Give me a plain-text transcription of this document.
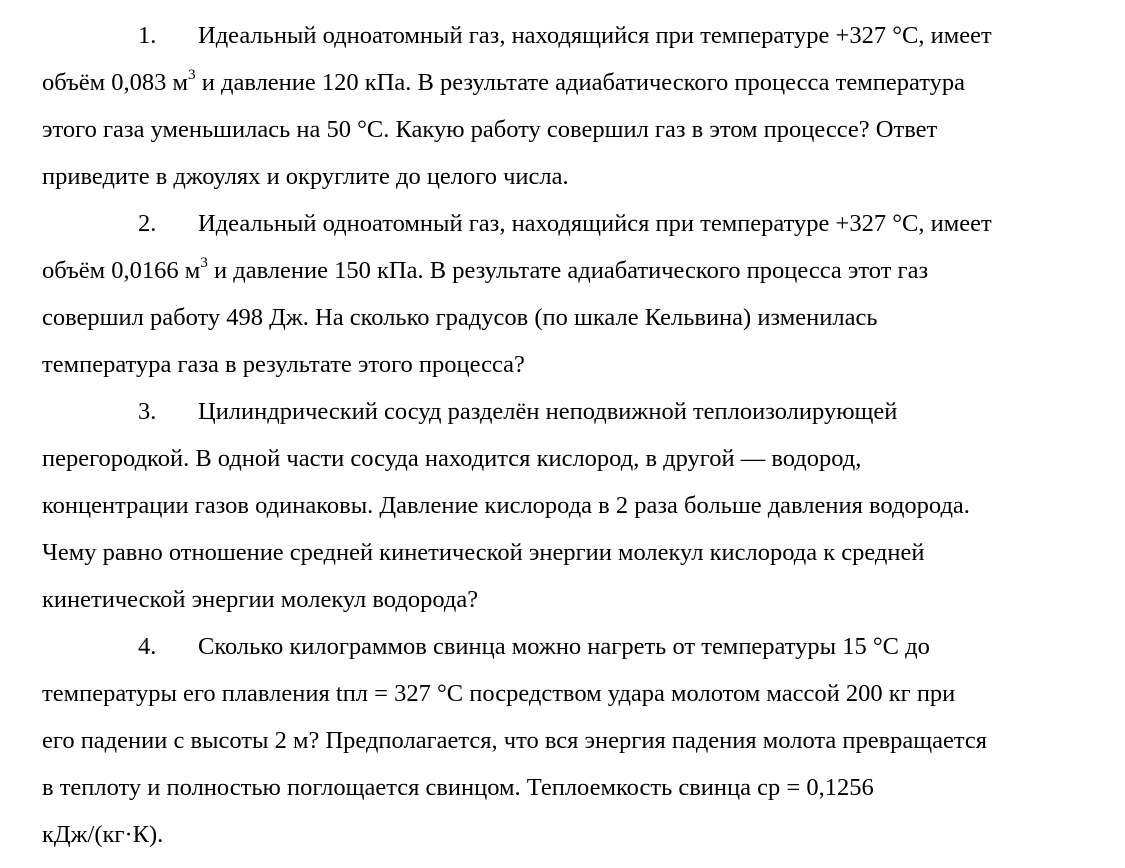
1. Идеальный одноатомный газ, находящийся при температуре +327 °C, имеет
объём 0,083 $м^3$ и давление 120 кПа. В результате адиабатического процесса температура
этого газа уменьшилась на 50 °C. Какую работу совершил газ в этом процессе? Ответ
приведите в джоулях и округлите до целого числа.
2. Идеальный одноатомный газ, находящийся при температуре +327 °C, имеет
объём 0,0166 $м^3$ и давление 150 кПа. В результате адиабатического процесса этот газ
совершил работу 498 Дж. На сколько градусов (по шкале Кельвина) изменилась
температура газа в результате этого процесса?
3. Цилиндрический сосуд разделён неподвижной теплоизолирующей
перегородкой. В одной части сосуда находится кислород, в другой — водород,
концентрации газов одинаковы. Давление кислорода в 2 раза больше давления водорода.
Чему равно отношение средней кинетической энергии молекул кислорода к средней
кинетической энергии молекул водорода?
4. Сколько килограммов свинца можно нагреть от температуры 15 °C до
температуры его плавления tпл = 327 °C посредством удара молотом массой 200 кг при
его падении с высоты 2 м? Предполагается, что вся энергия падения молота превращается
в теплоту и полностью поглощается свинцом. Теплоемкость свинца cp = 0,1256
кДж/(кг·К).
